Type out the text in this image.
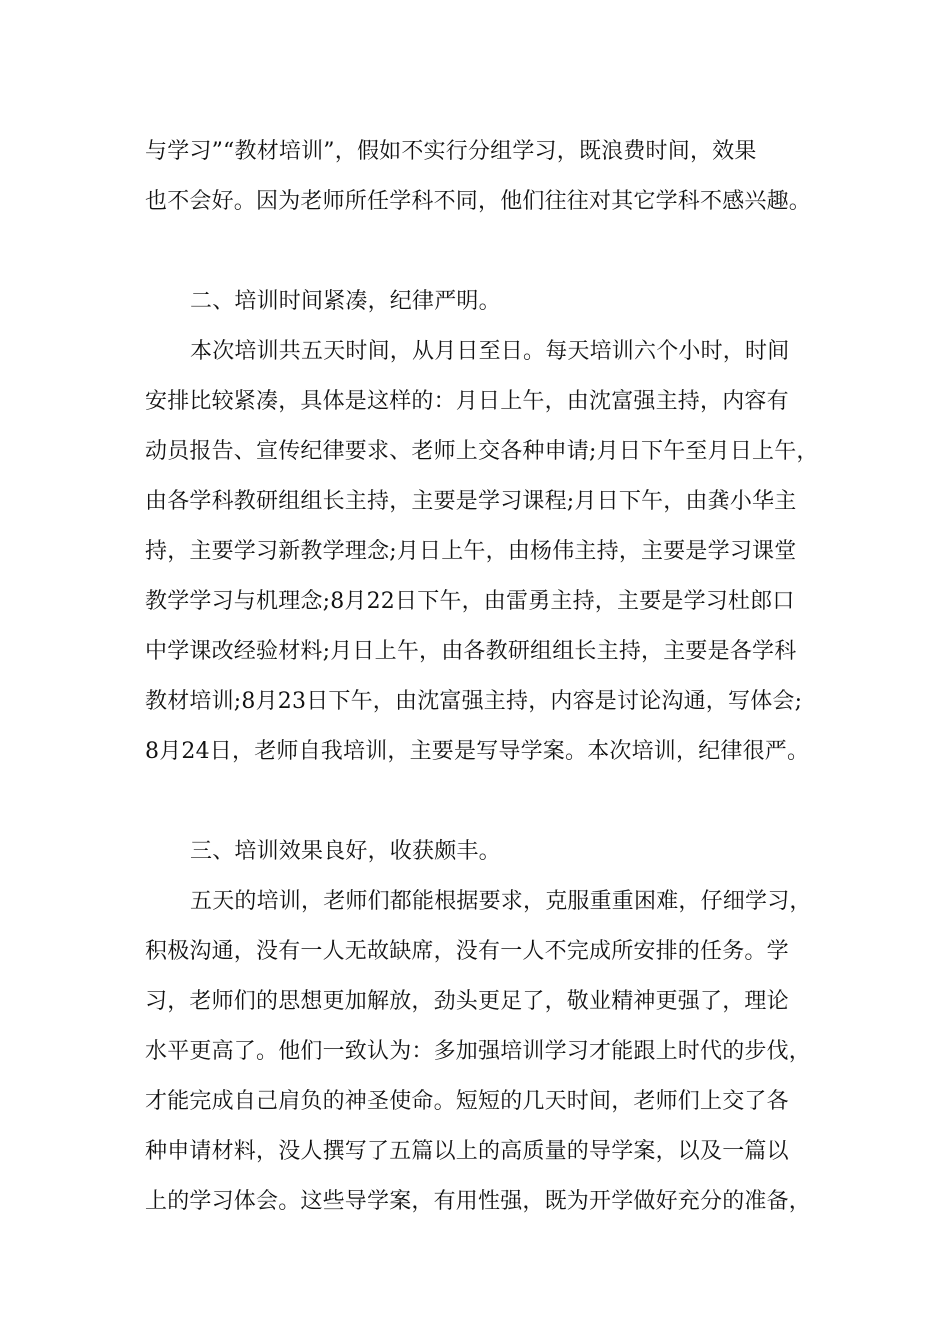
与学习”“教材培训”，假如不实行分组学习，既浪费时间，效果
也不会好。因为老师所任学科不同，他们往往对其它学科不感兴趣。
二、培训时间紧凑，纪律严明。
本次培训共五天时间，从月日至日。每天培训六个小时，时间
安排比较紧凑，具体是这样的：月日上午，由沈富强主持，内容有
动员报告、宣传纪律要求、老师上交各种申请;月日下午至月日上午，
由各学科教研组组长主持，主要是学习课程;月日下午，由龚小华主
持，主要学习新教学理念;月日上午，由杨伟主持，主要是学习课堂
教学学习与机理念;8月22日下午，由雷勇主持，主要是学习杜郎口
中学课改经验材料;月日上午，由各教研组组长主持，主要是各学科
教材培训;8月23日下午，由沈富强主持，内容是讨论沟通，写体会;
8月24日，老师自我培训，主要是写导学案。本次培训，纪律很严。
三、培训效果良好，收获颇丰。
五天的培训，老师们都能根据要求，克服重重困难，仔细学习，
积极沟通，没有一人无故缺席，没有一人不完成所安排的任务。学
习，老师们的思想更加解放，劲头更足了，敬业精神更强了，理论
水平更高了。他们一致认为：多加强培训学习才能跟上时代的步伐，
才能完成自己肩负的神圣使命。短短的几天时间，老师们上交了各
种申请材料，没人撰写了五篇以上的高质量的导学案，以及一篇以
上的学习体会。这些导学案，有用性强，既为开学做好充分的准备，
